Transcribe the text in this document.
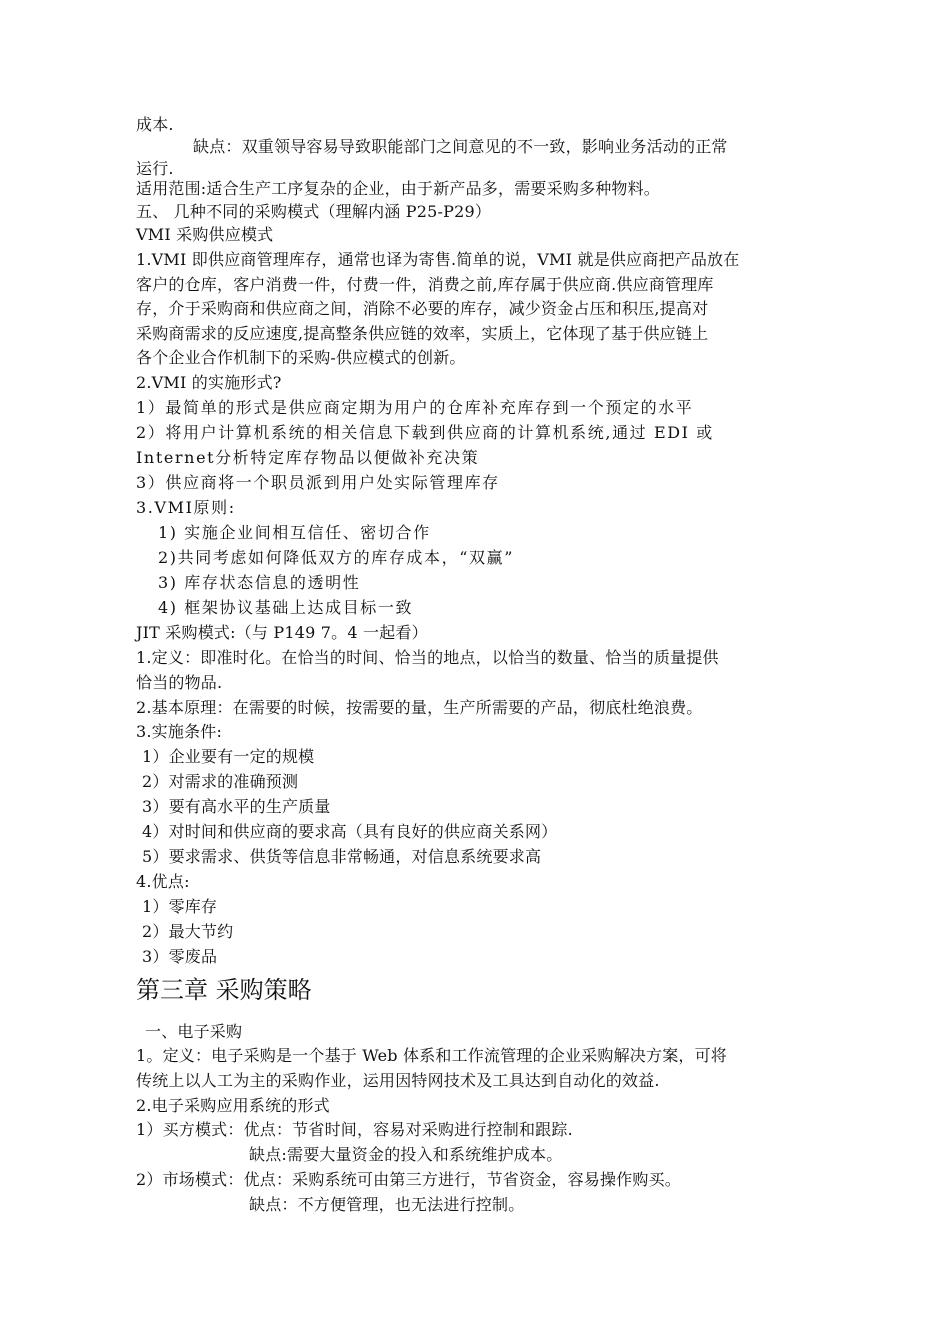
成本.
缺点：双重领导容易导致职能部门之间意见的不一致，影响业务活动的正常
运行.
适用范围:适合生产工序复杂的企业，由于新产品多，需要采购多种物料。
五、 几种不同的采购模式（理解内涵 P25-P29）
VMI 采购供应模式
1.VMI 即供应商管理库存，通常也译为寄售.简单的说，VMI 就是供应商把产品放在
客户的仓库，客户消费一件，付费一件，消费之前,库存属于供应商.供应商管理库
存，介于采购商和供应商之间，消除不必要的库存，减少资金占压和积压,提高对
采购商需求的反应速度,提高整条供应链的效率，实质上，它体现了基于供应链上
各个企业合作机制下的采购-供应模式的创新。
2.VMI 的实施形式?
1）最简单的形式是供应商定期为用户的仓库补充库存到一个预定的水平
2）将用户计算机系统的相关信息下载到供应商的计算机系统,通过 EDI 或
Internet分析特定库存物品以便做补充决策
3）供应商将一个职员派到用户处实际管理库存
3.VMI原则:
1) 实施企业间相互信任、密切合作
2)共同考虑如何降低双方的库存成本，“双赢”
3) 库存状态信息的透明性
4) 框架协议基础上达成目标一致
JIT 采购模式:（与 P149 7。4 一起看）
1.定义：即准时化。在恰当的时间、恰当的地点，以恰当的数量、恰当的质量提供
恰当的物品.
2.基本原理：在需要的时候，按需要的量，生产所需要的产品，彻底杜绝浪费。
3.实施条件:
1）企业要有一定的规模
2）对需求的准确预测
3）要有高水平的生产质量
4）对时间和供应商的要求高（具有良好的供应商关系网）
5）要求需求、供货等信息非常畅通，对信息系统要求高
4.优点:
1）零库存
2）最大节约
3）零废品
第三章 采购策略
一、电子采购
1。定义：电子采购是一个基于 Web 体系和工作流管理的企业采购解决方案，可将
传统上以人工为主的采购作业，运用因特网技术及工具达到自动化的效益.
2.电子采购应用系统的形式
1）买方模式：优点：节省时间，容易对采购进行控制和跟踪.
缺点:需要大量资金的投入和系统维护成本。
2）市场模式：优点：采购系统可由第三方进行，节省资金，容易操作购买。
缺点：不方便管理，也无法进行控制。
